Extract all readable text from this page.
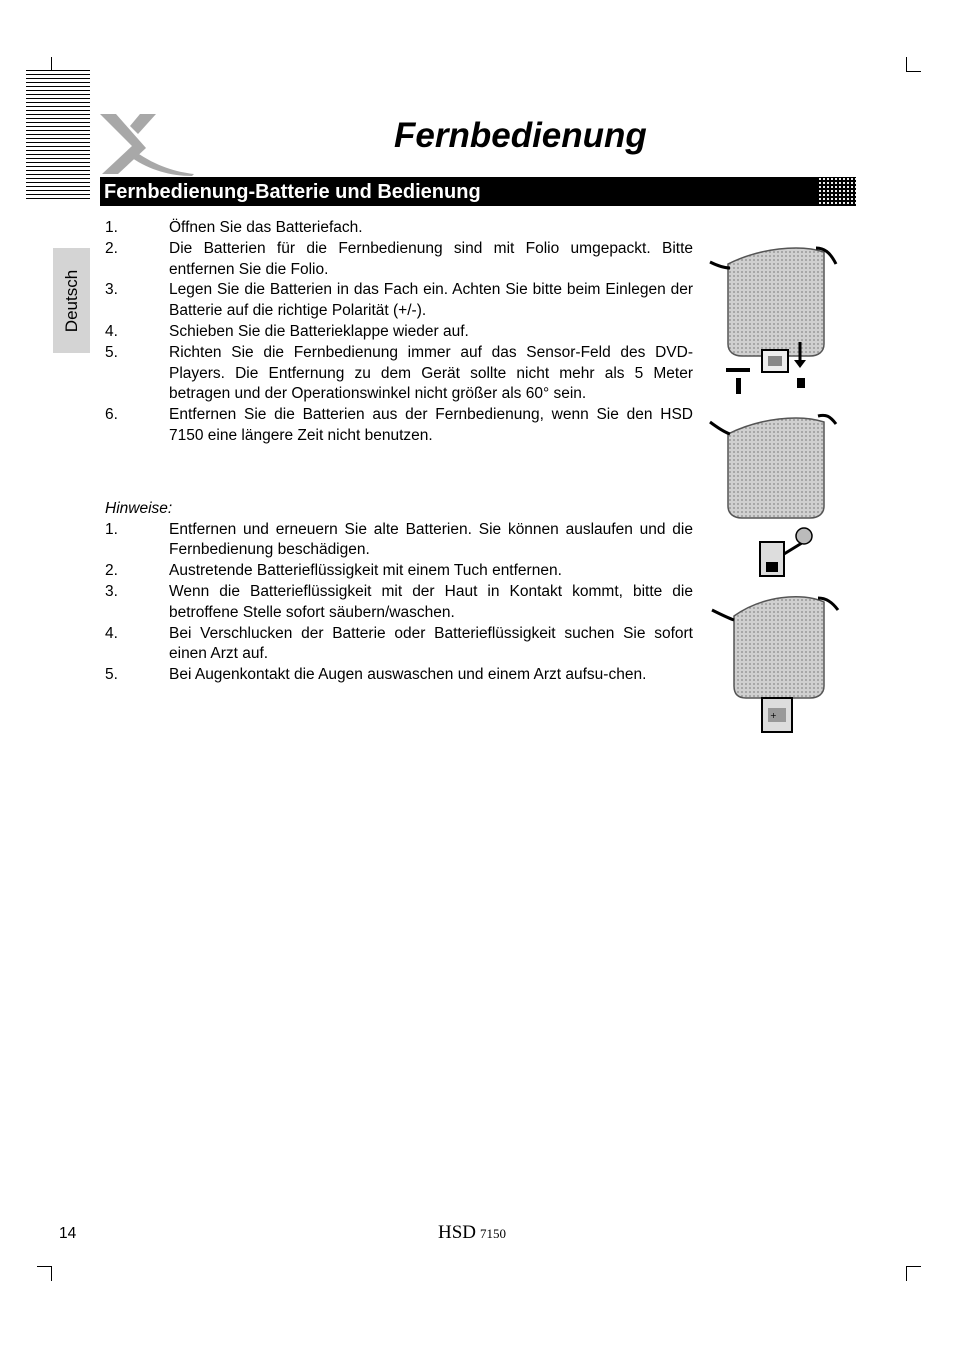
Fernbedienung
Fernbedienung-Batterie und Bedienung
Deutsch
1.	Öffnen Sie das Batteriefach.
2.	Die Batterien für die Fernbedienung sind mit Folio umgepackt. Bitte entfernen Sie die Folio.
3.	Legen Sie die Batterien in das Fach ein. Achten Sie bitte beim Einlegen der Batterie auf die richtige Polarität (+/-).
4.	Schieben Sie die Batterieklappe wieder auf.
5.	Richten Sie die Fernbedienung immer auf das Sensor-Feld des DVD-Players. Die Entfernung zu dem Gerät sollte nicht mehr als 5 Meter betragen und der Operationswinkel nicht größer als 60° sein.
6.	Entfernen Sie die Batterien aus der Fernbedienung, wenn Sie den HSD 7150 eine längere Zeit nicht benutzen.
Hinweise:
1.	Entfernen und erneuern Sie alte Batterien. Sie können auslaufen und die Fernbedienung beschädigen.
2.	Austretende Batterieflüssigkeit mit einem Tuch entfernen.
3.	Wenn die Batterieflüssigkeit mit der Haut in Kontakt kommt, bitte die betroffene Stelle sofort säubern/waschen.
4.	Bei Verschlucken der Batterie oder Batterieflüssigkeit suchen Sie sofort einen Arzt auf.
5.	Bei Augenkontakt die Augen auswaschen und einem Arzt aufsu-chen.
+
14	HSD 7150
